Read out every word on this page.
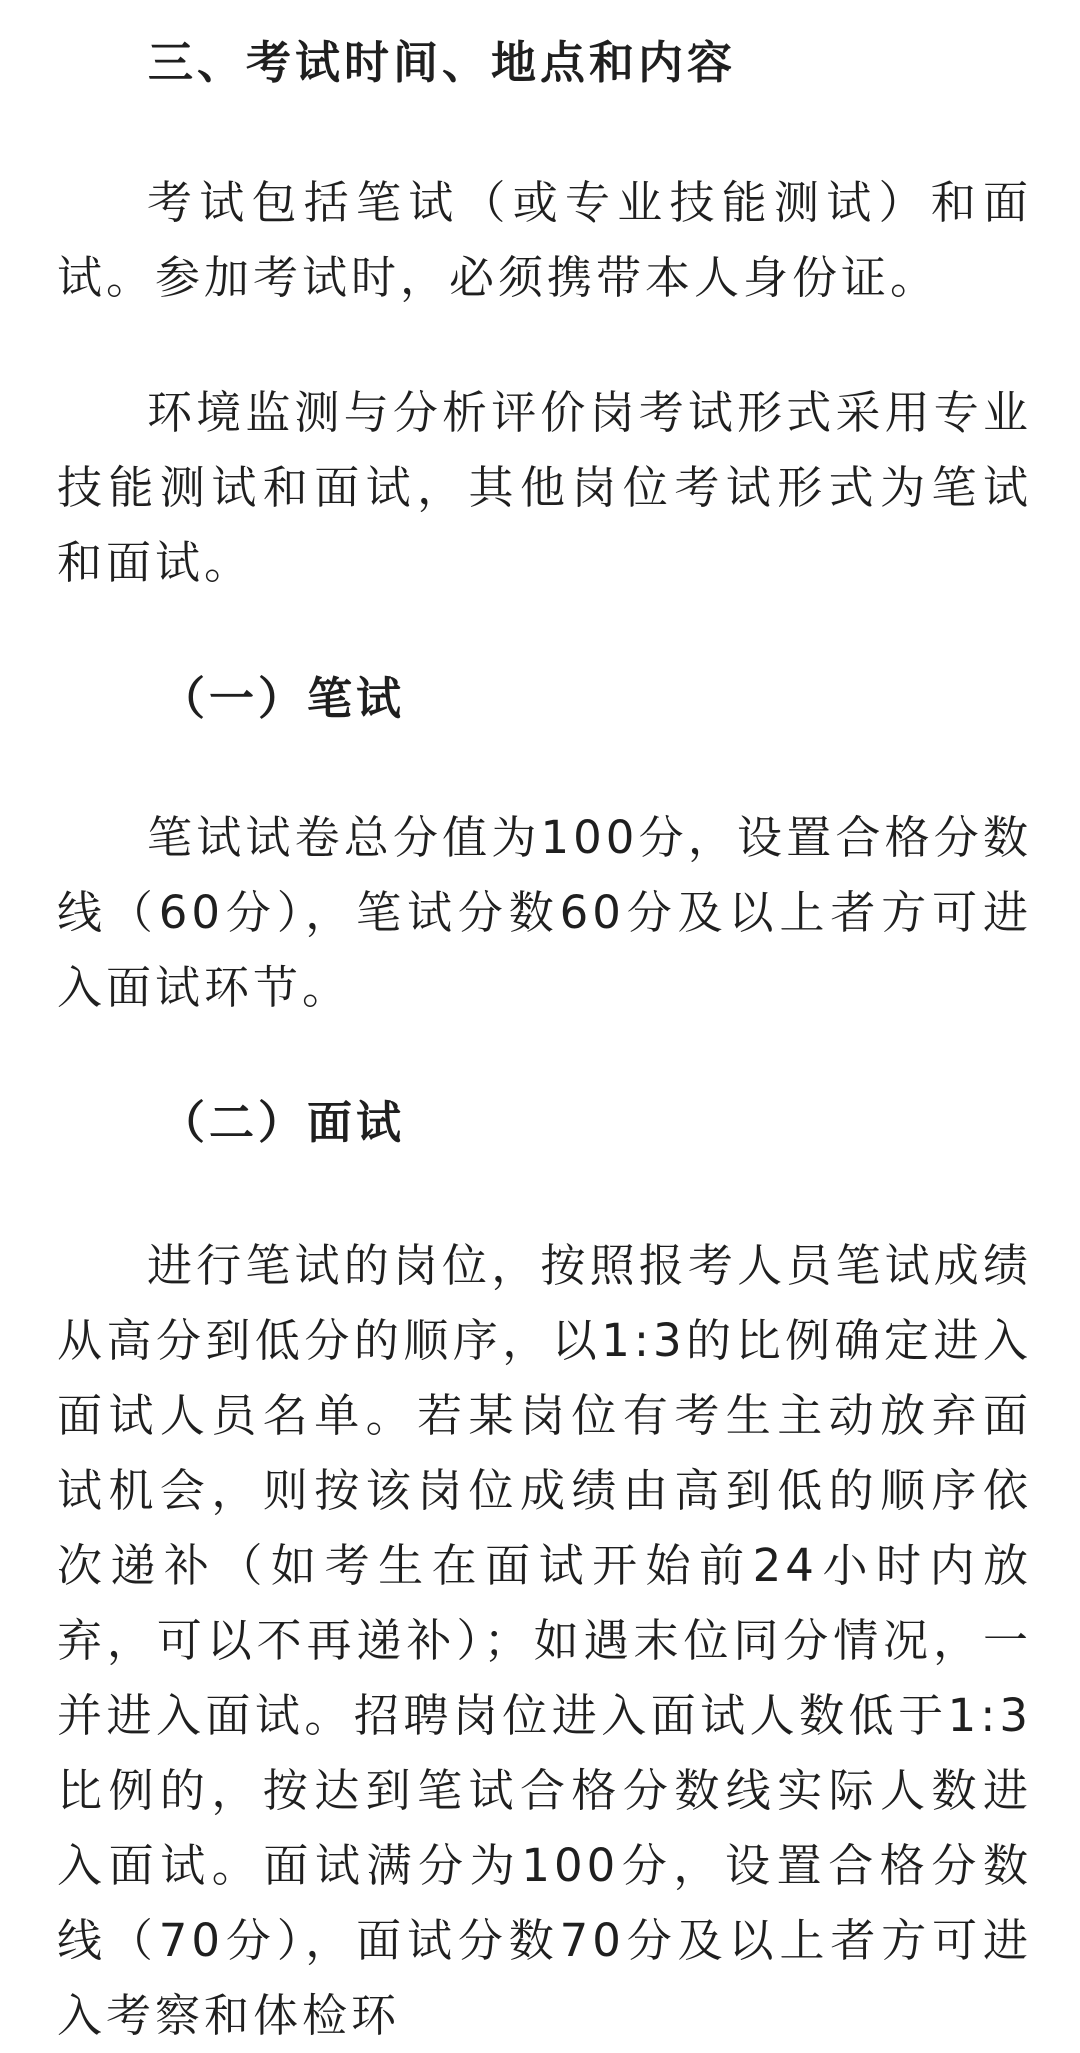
三、考试时间、地点和内容

考试包括笔试（或专业技能测试）和面试。参加考试时，必须携带本人身份证。

环境监测与分析评价岗考试形式采用专业技能测试和面试，其他岗位考试形式为笔试和面试。

（一）笔试

笔试试卷总分值为100分，设置合格分数线（60分），笔试分数60分及以上者方可进入面试环节。

（二）面试

进行笔试的岗位，按照报考人员笔试成绩从高分到低分的顺序，以1:3的比例确定进入面试人员名单。若某岗位有考生主动放弃面试机会，则按该岗位成绩由高到低的顺序依次递补（如考生在面试开始前24小时内放弃，可以不再递补）；如遇末位同分情况，一并进入面试。招聘岗位进入面试人数低于1:3比例的，按达到笔试合格分数线实际人数进入面试。面试满分为100分，设置合格分数线（70分），面试分数70分及以上者方可进入考察和体检环
